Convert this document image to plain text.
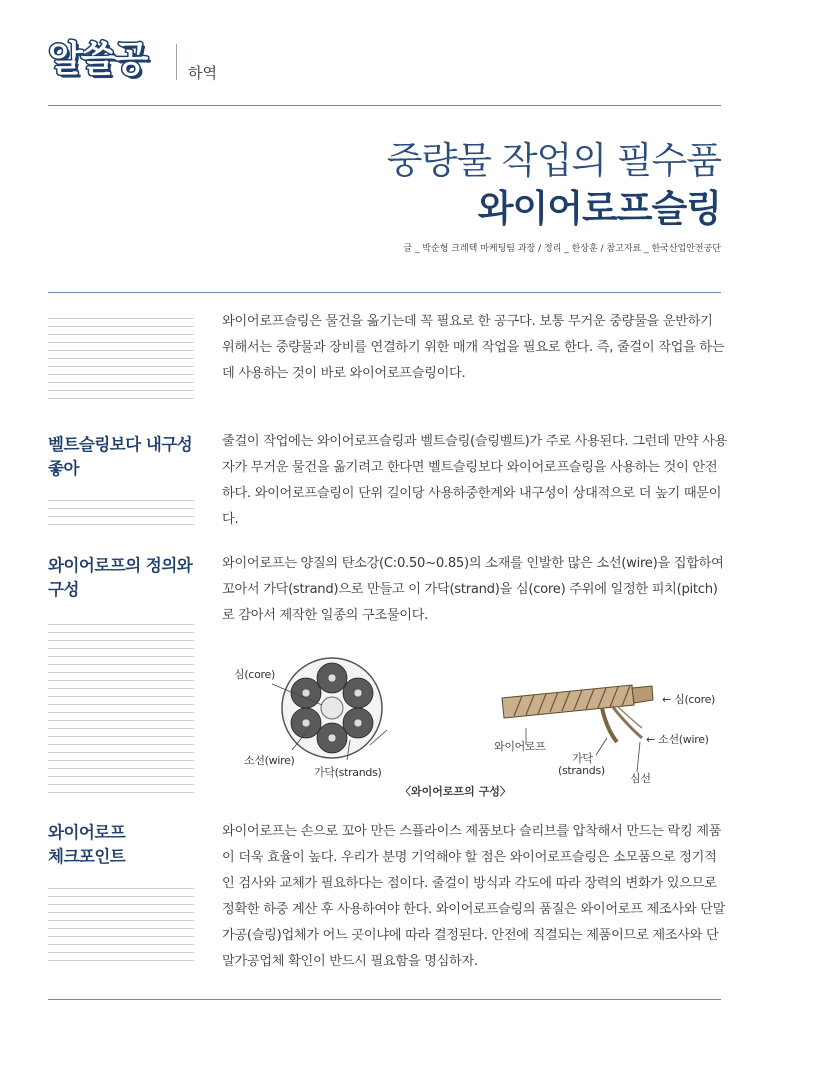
알쓸공	하역
중량물 작업의 필수품
와이어로프슬링
글 _ 박순형 크레텍 마케팅팀 과장 / 정리 _ 한상훈 / 참고자료 _ 한국산업안전공단
와이어로프슬링은 물건을 옮기는데 꼭 필요로 한 공구다. 보통 무거운 중량물을 운반하기 위해서는 중량물과 장비를 연결하기 위한 매개 작업을 필요로 한다. 즉, 줄걸이 작업을 하는데 사용하는 것이 바로 와이어로프슬링이다.
벨트슬링보다 내구성 좋아
줄걸이 작업에는 와이어로프슬링과 벨트슬링(슬링벨트)가 주로 사용된다. 그런데 만약 사용자가 무거운 물건을 옮기려고 한다면 벨트슬링보다 와이어로프슬링을 사용하는 것이 안전하다. 와이어로프슬링이 단위 길이당 사용하중한계와 내구성이 상대적으로 더 높기 때문이다.
와이어로프의 정의와 구성
와이어로프는 양질의 탄소강(C:0.50~0.85)의 소재를 인발한 많은 소선(wire)을 집합하여 꼬아서 가닥(strand)으로 만들고 이 가닥(strand)을 심(core) 주위에 일정한 피치(pitch)로 감아서 제작한 일종의 구조물이다.
심(core)
소선(wire)
가닥(strands)
← 심(core)
← 소선(wire)
와이어로프
가닥
(strands)
심선
〈와이어로프의 구성〉
와이어로프
체크포인트
와이어로프는 손으로 꼬아 만든 스플라이스 제품보다 슬리브를 압착해서 만드는 락킹 제품이 더욱 효율이 높다. 우리가 분명 기억해야 할 점은 와이어로프슬링은 소모품으로 정기적인 검사와 교체가 필요하다는 점이다. 줄걸이 방식과 각도에 따라 장력의 변화가 있으므로 정확한 하중 계산 후 사용하여야 한다. 와이어로프슬링의 품질은 와이어로프 제조사와 단말가공(슬링)업체가 어느 곳이냐에 따라 결정된다. 안전에 직결되는 제품이므로 제조사와 단말가공업체 확인이 반드시 필요함을 명심하자.
